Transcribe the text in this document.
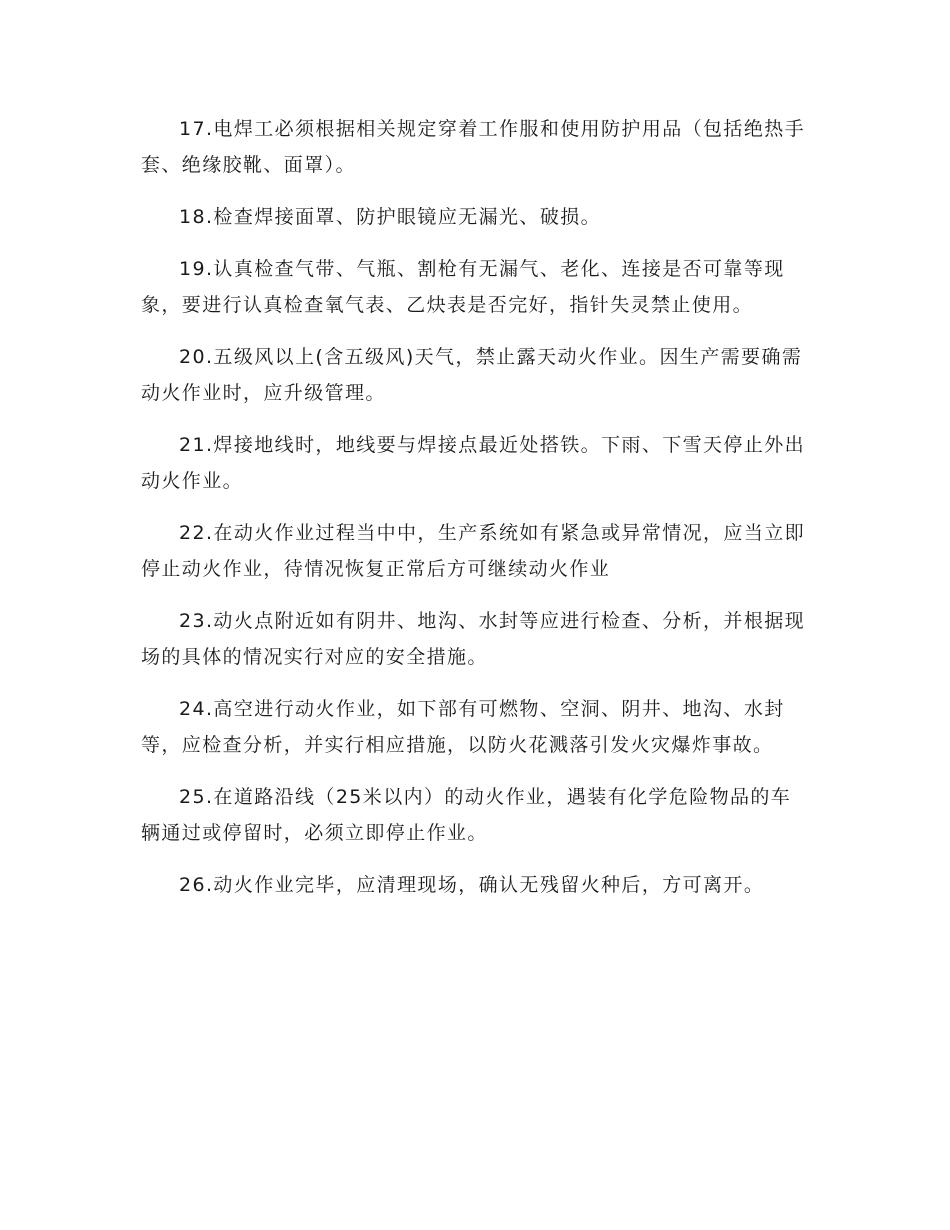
17.电焊工必须根据相关规定穿着工作服和使用防护用品（包括绝热手套、绝缘胶靴、面罩）。

18.检查焊接面罩、防护眼镜应无漏光、破损。

19.认真检查气带、气瓶、割枪有无漏气、老化、连接是否可靠等现象，要进行认真检查氧气表、乙炔表是否完好，指针失灵禁止使用。

20.五级风以上(含五级风)天气，禁止露天动火作业。因生产需要确需动火作业时，应升级管理。

21.焊接地线时，地线要与焊接点最近处搭铁。下雨、下雪天停止外出动火作业。

22.在动火作业过程当中中，生产系统如有紧急或异常情况，应当立即停止动火作业，待情况恢复正常后方可继续动火作业

23.动火点附近如有阴井、地沟、水封等应进行检查、分析，并根据现场的具体的情况实行对应的安全措施。

24.高空进行动火作业，如下部有可燃物、空洞、阴井、地沟、水封等，应检查分析，并实行相应措施，以防火花溅落引发火灾爆炸事故。

25.在道路沿线（25米以内）的动火作业，遇装有化学危险物品的车辆通过或停留时，必须立即停止作业。

26.动火作业完毕，应清理现场，确认无残留火种后，方可离开。
